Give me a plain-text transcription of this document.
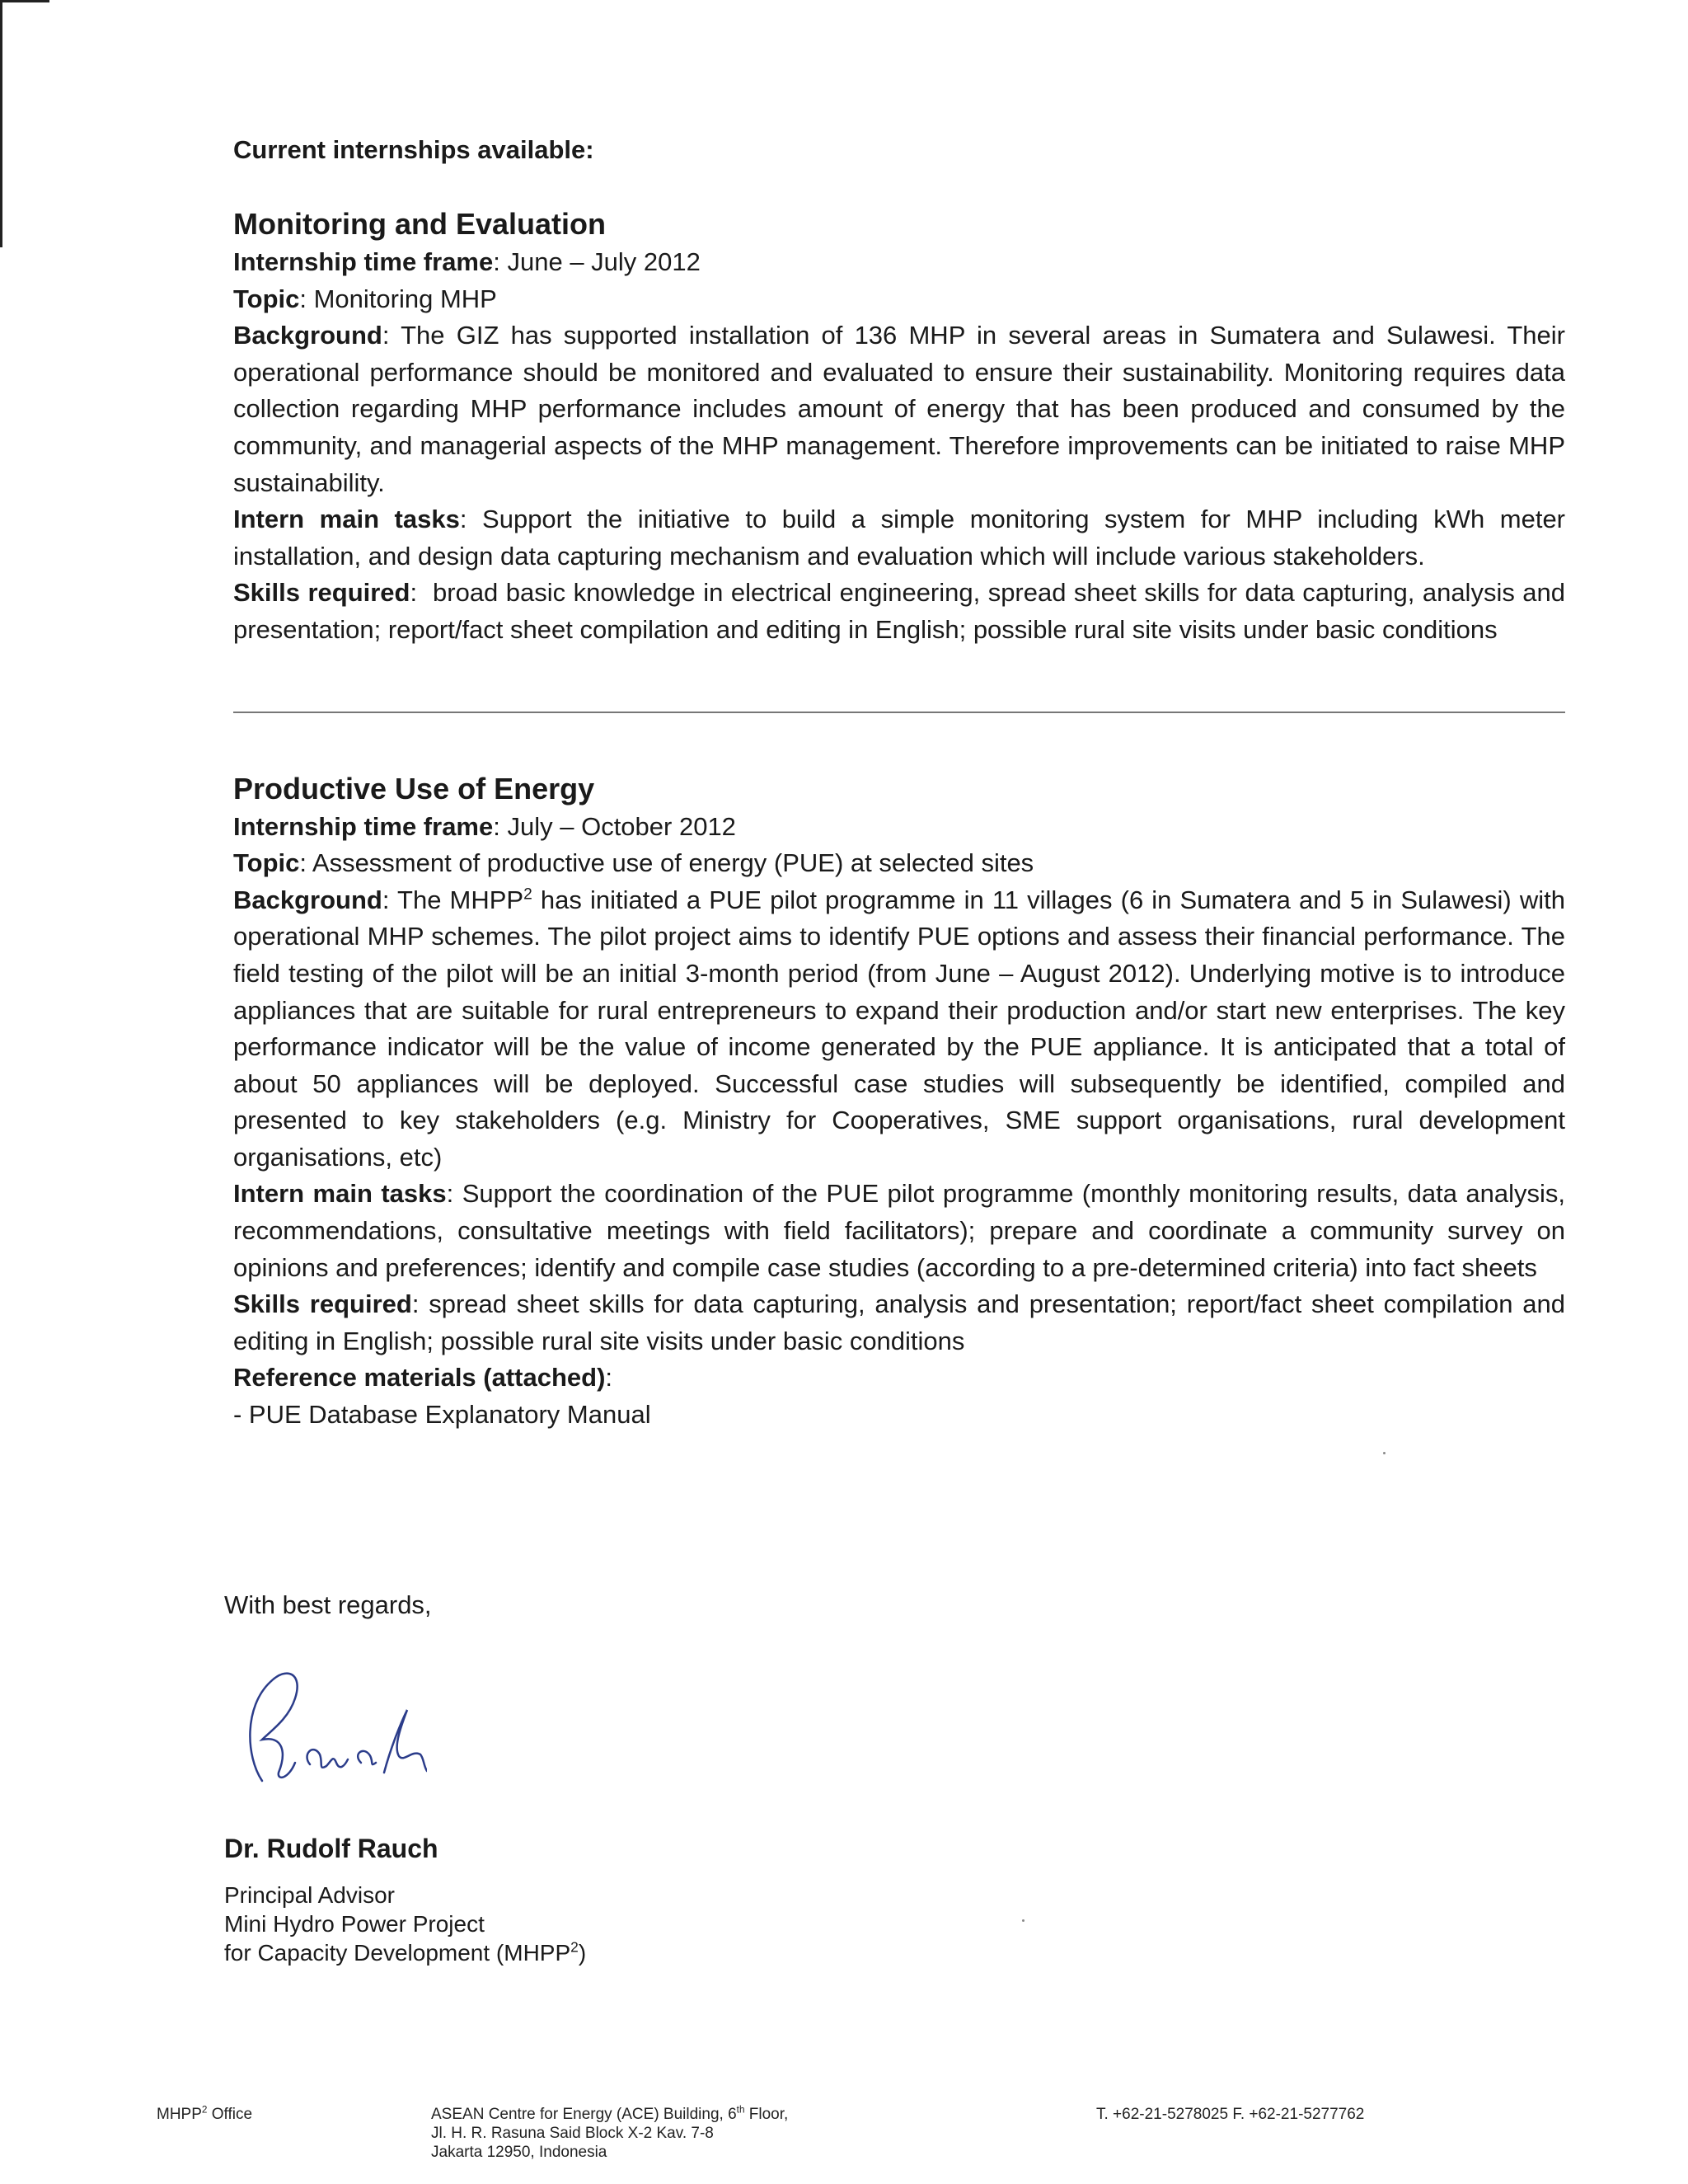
Current internships available:

Monitoring and Evaluation

Internship time frame: June – July 2012

Topic: Monitoring MHP

Background: The GIZ has supported installation of 136 MHP in several areas in Sumatera and Sulawesi. Their operational performance should be monitored and evaluated to ensure their sustainability. Monitoring requires data collection regarding MHP performance includes amount of energy that has been produced and consumed by the community, and managerial aspects of the MHP management. Therefore improvements can be initiated to raise MHP sustainability.

Intern main tasks: Support the initiative to build a simple monitoring system for MHP including kWh meter installation, and design data capturing mechanism and evaluation which will include various stakeholders.

Skills required:  broad basic knowledge in electrical engineering, spread sheet skills for data capturing, analysis and presentation; report/fact sheet compilation and editing in English; possible rural site visits under basic conditions

Productive Use of Energy

Internship time frame: July – October 2012

Topic: Assessment of productive use of energy (PUE) at selected sites

Background: The MHPP$^2$ has initiated a PUE pilot programme in 11 villages (6 in Sumatera and 5 in Sulawesi) with operational MHP schemes. The pilot project aims to identify PUE options and assess their financial performance. The field testing of the pilot will be an initial 3-month period (from June – August 2012). Underlying motive is to introduce appliances that are suitable for rural entrepreneurs to expand their production and/or start new enterprises. The key performance indicator will be the value of income generated by the PUE appliance. It is anticipated that a total of about 50 appliances will be deployed. Successful case studies will subsequently be identified, compiled and presented to key stakeholders (e.g. Ministry for Cooperatives, SME support organisations, rural development organisations, etc)

Intern main tasks: Support the coordination of the PUE pilot programme (monthly monitoring results, data analysis, recommendations, consultative meetings with field facilitators); prepare and coordinate a community survey on opinions and preferences; identify and compile case studies (according to a pre-determined criteria) into fact sheets

Skills required: spread sheet skills for data capturing, analysis and presentation; report/fact sheet compilation and editing in English; possible rural site visits under basic conditions

Reference materials (attached):

- PUE Database Explanatory Manual

With best regards,

Dr. Rudolf Rauch

Principal Advisor
Mini Hydro Power Project
for Capacity Development (MHPP$^2$)
MHPP$^2$ Office	ASEAN Centre for Energy (ACE) Building, 6th Floor,
Jl. H. R. Rasuna Said Block X-2 Kav. 7-8
Jakarta 12950, Indonesia
T. +62-21-5278025 F. +62-21-5277762
